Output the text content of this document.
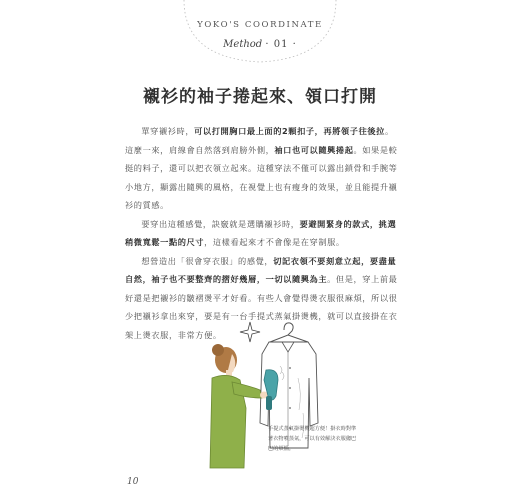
YOKO'S COORDINATE
Method · 01 ·
襯衫的袖子捲起來、領口打開

單穿襯衫時，可以打開胸口最上面的2顆扣子，再將領子往後拉。這麼一來，肩線會自然落到肩膀外側，袖口也可以隨興捲起。如果是較挺的料子，還可以把衣領立起來。這種穿法不僅可以露出鎖骨和手腕等小地方，顯露出隨興的風格，在視覺上也有瘦身的效果，並且能提升襯衫的質感。

要穿出這種感覺，訣竅就是選購襯衫時，要避開緊身的款式，挑選稍微寬鬆一點的尺寸，這樣看起來才不會像是在穿制服。

想營造出「很會穿衣服」的感覺，切記衣領不要刻意立起，要盡量自然，袖子也不要整齊的摺好幾層，一切以隨興為主。但是，穿上前最好還是把襯衫的皺褶燙平才好看。有些人會覺得燙衣服很麻煩，所以很少把襯衫拿出來穿，要是有一台手提式蒸氣掛燙機，就可以直接掛在衣架上燙衣服，非常方便。

手提式蒸氣掛燙機超方便！掛衣時對準著衣物噴蒸氣，可以有效解決衣服縐巴巴的煩惱。
10
